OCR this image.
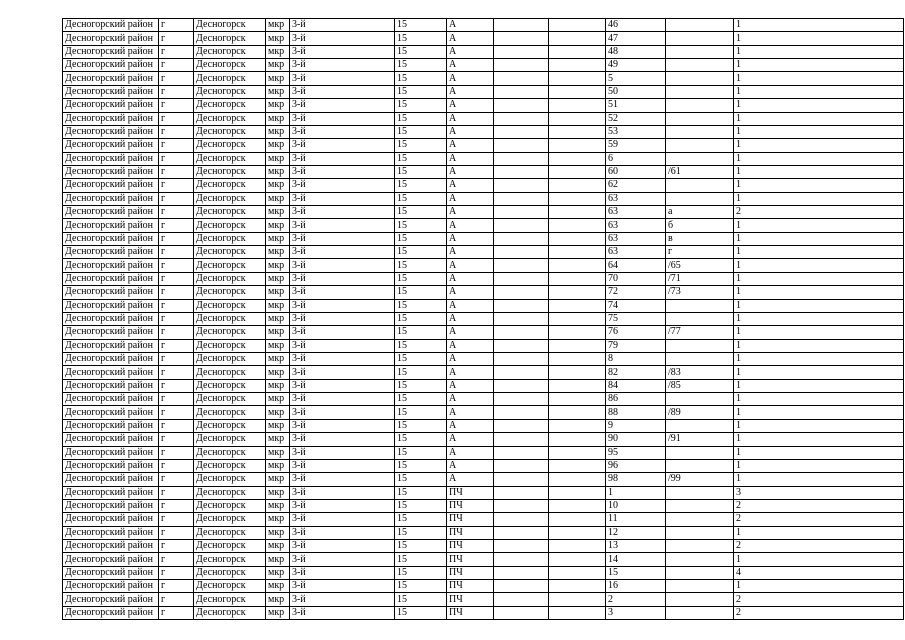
Десногорский район	г	Десногорск	мкр	3-й	15	А			46		1
Десногорский район	г	Десногорск	мкр	3-й	15	А			47		1
Десногорский район	г	Десногорск	мкр	3-й	15	А			48		1
Десногорский район	г	Десногорск	мкр	3-й	15	А			49		1
Десногорский район	г	Десногорск	мкр	3-й	15	А			5		1
Десногорский район	г	Десногорск	мкр	3-й	15	А			50		1
Десногорский район	г	Десногорск	мкр	3-й	15	А			51		1
Десногорский район	г	Десногорск	мкр	3-й	15	А			52		1
Десногорский район	г	Десногорск	мкр	3-й	15	А			53		1
Десногорский район	г	Десногорск	мкр	3-й	15	А			59		1
Десногорский район	г	Десногорск	мкр	3-й	15	А			6		1
Десногорский район	г	Десногорск	мкр	3-й	15	А			60	/61	1
Десногорский район	г	Десногорск	мкр	3-й	15	А			62		1
Десногорский район	г	Десногорск	мкр	3-й	15	А			63		1
Десногорский район	г	Десногорск	мкр	3-й	15	А			63	а	2
Десногорский район	г	Десногорск	мкр	3-й	15	А			63	б	1
Десногорский район	г	Десногорск	мкр	3-й	15	А			63	в	1
Десногорский район	г	Десногорск	мкр	3-й	15	А			63	г	1
Десногорский район	г	Десногорск	мкр	3-й	15	А			64	/65	1
Десногорский район	г	Десногорск	мкр	3-й	15	А			70	/71	1
Десногорский район	г	Десногорск	мкр	3-й	15	А			72	/73	1
Десногорский район	г	Десногорск	мкр	3-й	15	А			74		1
Десногорский район	г	Десногорск	мкр	3-й	15	А			75		1
Десногорский район	г	Десногорск	мкр	3-й	15	А			76	/77	1
Десногорский район	г	Десногорск	мкр	3-й	15	А			79		1
Десногорский район	г	Десногорск	мкр	3-й	15	А			8		1
Десногорский район	г	Десногорск	мкр	3-й	15	А			82	/83	1
Десногорский район	г	Десногорск	мкр	3-й	15	А			84	/85	1
Десногорский район	г	Десногорск	мкр	3-й	15	А			86		1
Десногорский район	г	Десногорск	мкр	3-й	15	А			88	/89	1
Десногорский район	г	Десногорск	мкр	3-й	15	А			9		1
Десногорский район	г	Десногорск	мкр	3-й	15	А			90	/91	1
Десногорский район	г	Десногорск	мкр	3-й	15	А			95		1
Десногорский район	г	Десногорск	мкр	3-й	15	А			96		1
Десногорский район	г	Десногорск	мкр	3-й	15	А			98	/99	1
Десногорский район	г	Десногорск	мкр	3-й	15	ПЧ			1		3
Десногорский район	г	Десногорск	мкр	3-й	15	ПЧ			10		2
Десногорский район	г	Десногорск	мкр	3-й	15	ПЧ			11		2
Десногорский район	г	Десногорск	мкр	3-й	15	ПЧ			12		1
Десногорский район	г	Десногорск	мкр	3-й	15	ПЧ			13		2
Десногорский район	г	Десногорск	мкр	3-й	15	ПЧ			14		1
Десногорский район	г	Десногорск	мкр	3-й	15	ПЧ			15		4
Десногорский район	г	Десногорск	мкр	3-й	15	ПЧ			16		1
Десногорский район	г	Десногорск	мкр	3-й	15	ПЧ			2		2
Десногорский район	г	Десногорск	мкр	3-й	15	ПЧ			3		2
